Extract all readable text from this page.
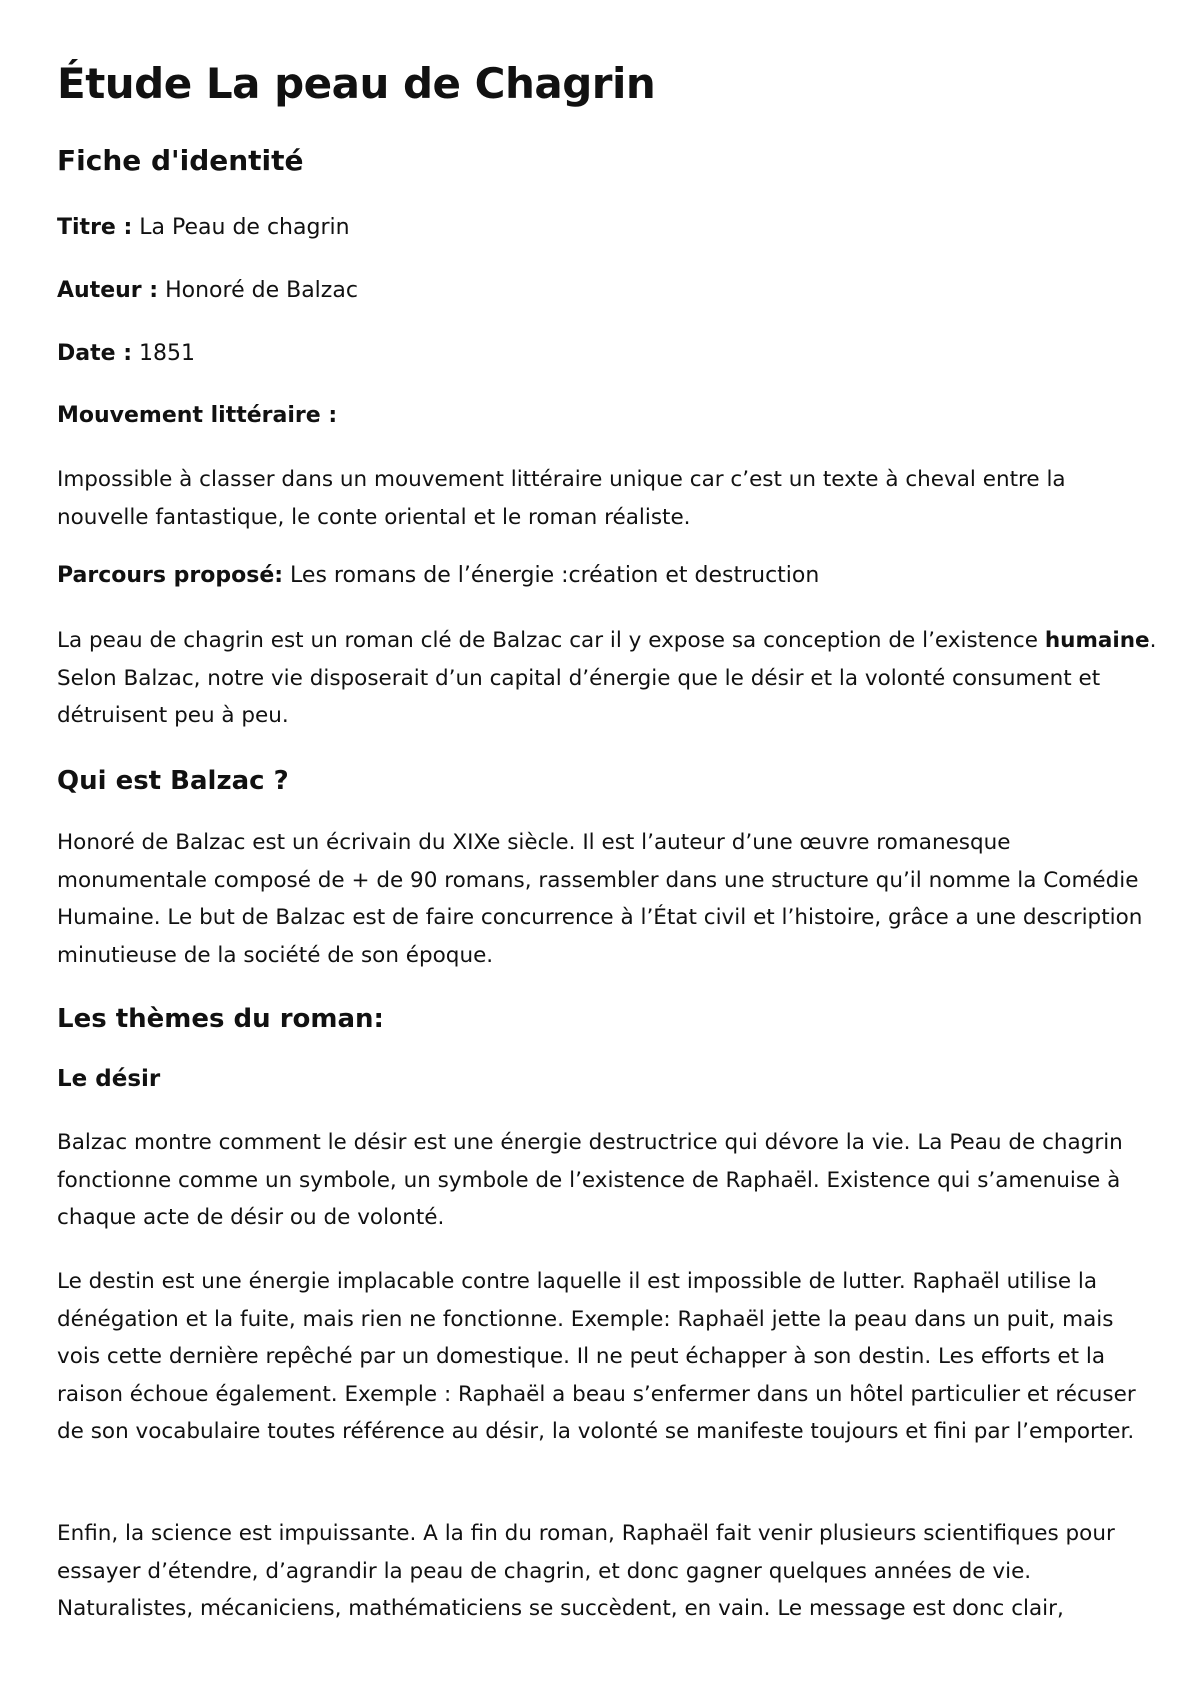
Étude La peau de Chagrin
Fiche d'identité

Titre : La Peau de chagrin

Auteur : Honoré de Balzac

Date : 1851

Mouvement littéraire :

Impossible à classer dans un mouvement littéraire unique car c’est un texte à cheval entre la nouvelle fantastique, le conte oriental et le roman réaliste.

Parcours proposé: Les romans de l’énergie :création et destruction

La peau de chagrin est un roman clé de Balzac car il y expose sa conception de l’existence humaine. Selon Balzac, notre vie disposerait d’un capital d’énergie que le désir et la volonté consument et détruisent peu à peu.

Qui est Balzac ?

Honoré de Balzac est un écrivain du XIXe siècle. Il est l’auteur d’une œuvre romanesque monumentale composé de + de 90 romans, rassembler dans une structure qu’il nomme la Comédie Humaine. Le but de Balzac est de faire concurrence à l’État civil et l’histoire, grâce a une description minutieuse de la société de son époque.

Les thèmes du roman:
Le désir

Balzac montre comment le désir est une énergie destructrice qui dévore la vie. La Peau de chagrin fonctionne comme un symbole, un symbole de l’existence de Raphaël. Existence qui s’amenuise à chaque acte de désir ou de volonté.

Le destin est une énergie implacable contre laquelle il est impossible de lutter. Raphaël utilise la dénégation et la fuite, mais rien ne fonctionne. Exemple: Raphaël jette la peau dans un puit, mais vois cette dernière repêché par un domestique. Il ne peut échapper à son destin. Les efforts et la raison échoue également. Exemple : Raphaël a beau s’enfermer dans un hôtel particulier et récuser de son vocabulaire toutes référence au désir, la volonté se manifeste toujours et fini par l’emporter.

Enfin, la science est impuissante. A la fin du roman, Raphaël fait venir plusieurs scientifiques pour essayer d’étendre, d’agrandir la peau de chagrin, et donc gagner quelques années de vie. Naturalistes, mécaniciens, mathématiciens se succèdent, en vain. Le message est donc clair,
